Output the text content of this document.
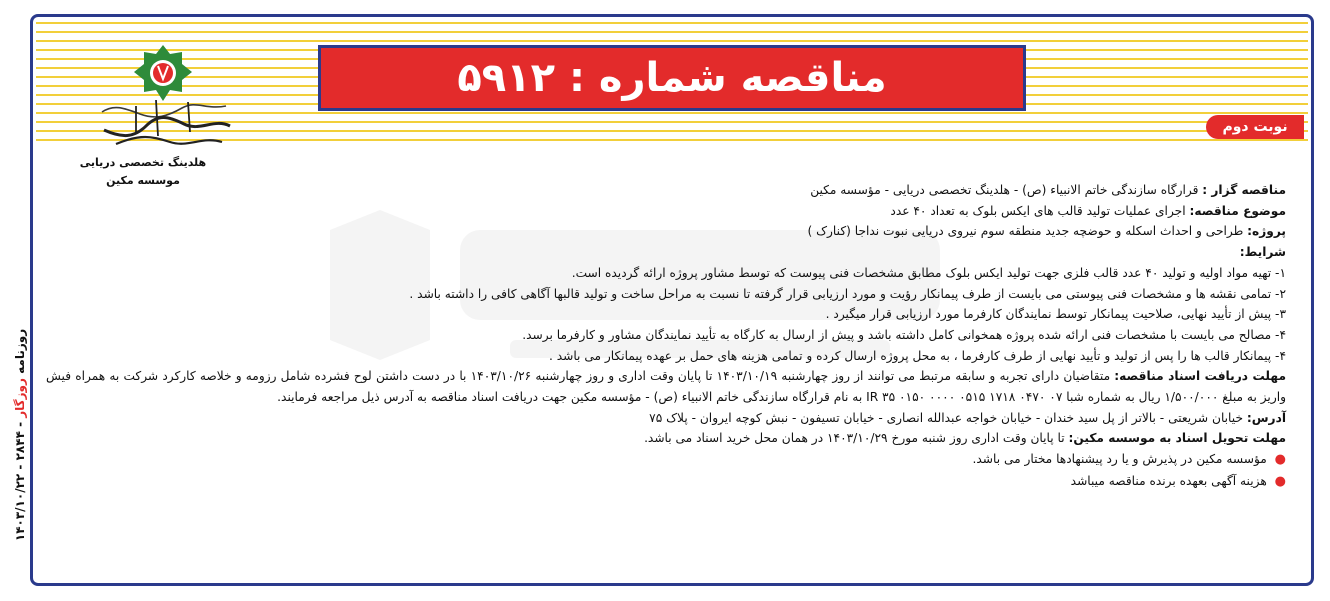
مناقصه شماره : ۵۹۱۲
نوبت دوم
هلدینگ تخصصی دریایی
موسسه مکین
روزنامه روزگار - ۲۸۴۴ - ۱۴۰۳/۱۰/۲۲
مناقصه گزار : قرارگاه سازندگی خاتم الانبیاء (ص) - هلدینگ تخصصی دریایی - مؤسسه مکین
موضوع مناقصه: اجرای عملیات تولید قالب های ایکس بلوک به تعداد ۴۰ عدد
پروژه: طراحی و احداث اسکله و حوضچه جدید منطقه سوم نیروی دریایی نبوت نداجا (کنارک )
شرایط:
۱- تهیه مواد اولیه و تولید ۴۰ عدد قالب فلزی جهت تولید ایکس بلوک مطابق مشخصات فنی پیوست که توسط مشاور پروژه ارائه گردیده است.
۲- تمامی نقشه ها و مشخصات فنی پیوستی می بایست از طرف پیمانکار رؤیت و مورد ارزیابی قرار گرفته تا نسبت به مراحل ساخت و تولید قالبها آگاهی کافی را داشته باشد .
۳- پیش از تأیید نهایی، صلاحیت پیمانکار توسط نمایندگان کارفرما مورد ارزیابی قرار میگیرد .
۴- مصالح می بایست با مشخصات فنی ارائه شده پروژه همخوانی کامل داشته باشد و پیش از ارسال به کارگاه به تأیید نمایندگان مشاور و کارفرما برسد.
۴- پیمانکار قالب ها را پس از تولید و تأیید نهایی از طرف کارفرما ، به محل پروژه ارسال کرده و تمامی هزینه های حمل بر عهده پیمانکار می باشد .
مهلت دریافت اسناد مناقصه: متقاضیان دارای تجربه و سابقه مرتبط می توانند از روز چهارشنبه ۱۴۰۳/۱۰/۱۹ تا پایان وقت اداری و روز چهارشنبه ۱۴۰۳/۱۰/۲۶ با در دست داشتن لوح فشرده شامل رزومه و خلاصه کارکرد شرکت به همراه فیش واریز به مبلغ ۱/۵۰۰/۰۰۰ ریال به شماره شبا IR ۳۵ ۰۱۵۰ ۰۰۰۰ ۰۵۱۵ ۱۷۱۸ ۰۴۷۰ ۰۷ به نام قرارگاه سازندگی خاتم الانبیاء (ص) - مؤسسه مکین جهت دریافت اسناد مناقصه به آدرس ذیل مراجعه فرمایند.
آدرس: خیابان شریعتی - بالاتر از پل سید خندان - خیابان خواجه عبدالله انصاری - خیابان تسیفون - نبش کوچه ایروان - پلاک ۷۵
مهلت تحویل اسناد به موسسه مکین: تا پایان وقت اداری روز شنبه مورخ ۱۴۰۳/۱۰/۲۹ در همان محل خرید اسناد می باشد.
● مؤسسه مکین در پذیرش و یا رد پیشنهادها مختار می باشد.
● هزینه آگهی بعهده برنده مناقصه میباشد
